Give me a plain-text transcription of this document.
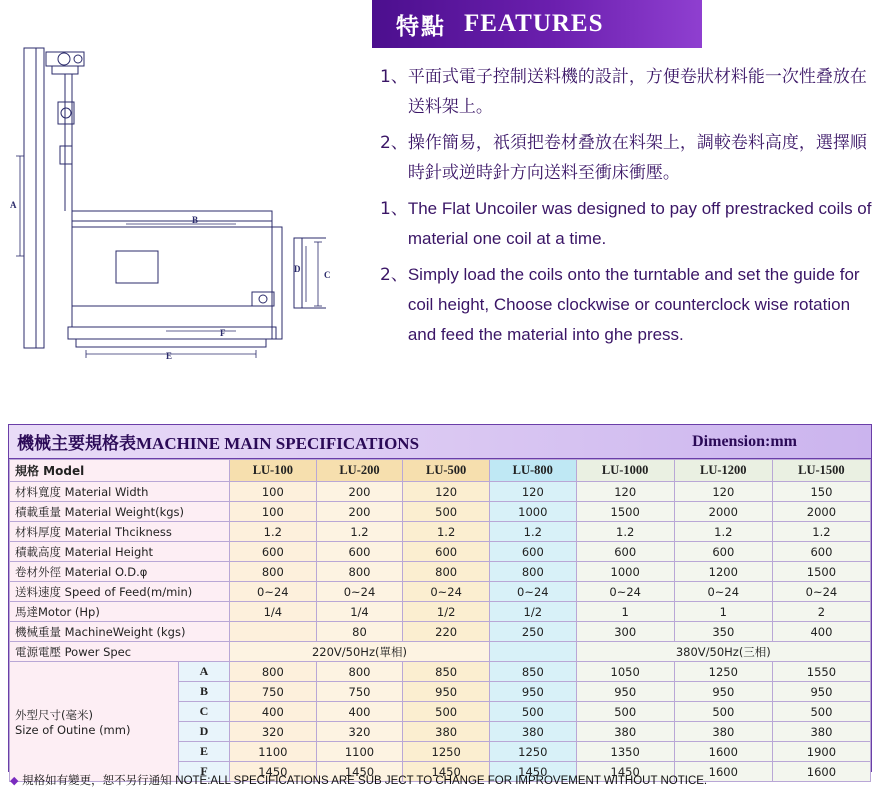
A
B
C
D
E
F
特點 FEATURES
1、 平面式電子控制送料機的設計，方便卷狀材料能一次性叠放在送料架上。
2、 操作簡易，祇須把卷材叠放在料架上，調較卷料高度，選擇順時針或逆時針方向送料至衝床衝壓。
1、 The Flat Uncoiler was designed to pay off prestracked coils of material one coil at a time.
2、 Simply load the coils onto the turntable and set the guide for coil height, Choose clockwise or counterclock wise rotation and feed the material into ghe press.
機械主要規格表MACHINE MAIN SPECIFICATIONS	Dimension:mm
規格 Model		LU-100	LU-200	LU-500	LU-800	LU-1000	LU-1200	LU-1500
材料寬度 Material Width		100	200	120	120	120	120	150
積載重量 Material Weight(kgs)		100	200	500	1000	1500	2000	2000
材料厚度 Material Thcikness		1.2	1.2	1.2	1.2	1.2	1.2	1.2
積載高度 Material Height		600	600	600	600	600	600	600
卷材外徑 Material O.D.φ		800	800	800	800	1000	1200	1500
送料速度 Speed of Feed(m/min)		0~24	0~24	0~24	0~24	0~24	0~24	0~24
馬達Motor (Hp)		1/4	1/4	1/2	1/2	1	1	2
機械重量 MachineWeight (kgs)			80	220	250	300	350	400
電源電壓 Power Spec		220V/50Hz(單相)				380V/50Hz(三相)		

外型尺寸(毫米)
Size of Outine (mm)	A	800	800	850	850	1050	1250	1550
	B	750	750	950	950	950	950	950
	C	400	400	500	500	500	500	500
	D	320	320	380	380	380	380	380
	E	1100	1100	1250	1250	1350	1600	1900
	F	1450	1450	1450	1450	1450	1600	1600
◆ 規格如有變更，恕不另行通知 NOTE:ALL SPECIFICATIONS ARE SUB JECT TO CHANGE FOR IMPROVEMENT WITHOUT NOTICE.
